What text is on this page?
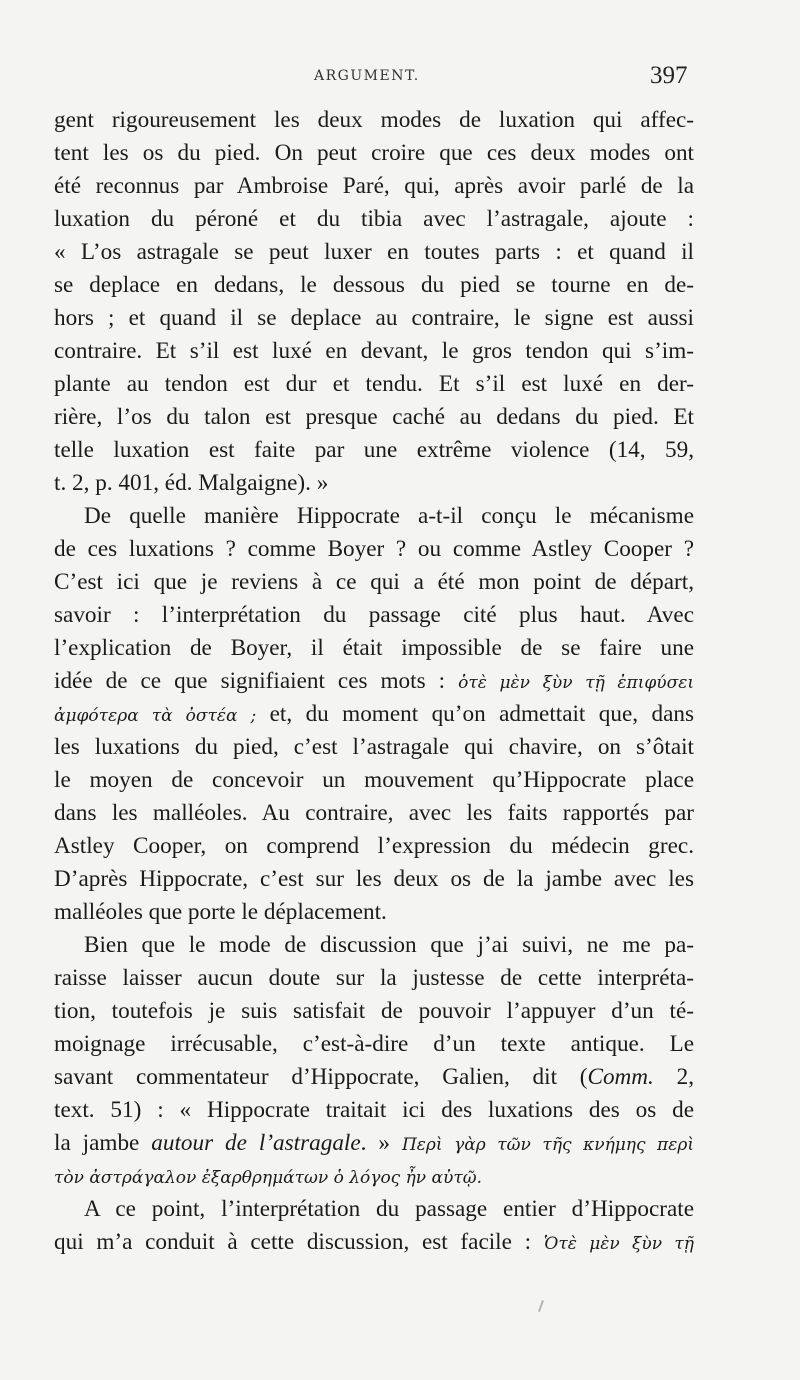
ARGUMENT.	397
gent rigoureusement les deux modes de luxation qui affec-
tent les os du pied. On peut croire que ces deux modes ont
été reconnus par Ambroise Paré, qui, après avoir parlé de la
luxation du péroné et du tibia avec l’astragale, ajoute :
« L’os astragale se peut luxer en toutes parts : et quand il
se deplace en dedans, le dessous du pied se tourne en de-
hors ; et quand il se deplace au contraire, le signe est aussi
contraire. Et s’il est luxé en devant, le gros tendon qui s’im-
plante au tendon est dur et tendu. Et s’il est luxé en der-
rière, l’os du talon est presque caché au dedans du pied. Et
telle luxation est faite par une extrême violence (14, 59,
t. 2, p. 401, éd. Malgaigne). »
De quelle manière Hippocrate a-t-il conçu le mécanisme
de ces luxations ? comme Boyer ? ou comme Astley Cooper ?
C’est ici que je reviens à ce qui a été mon point de départ,
savoir : l’interprétation du passage cité plus haut. Avec
l’explication de Boyer, il était impossible de se faire une
idée de ce que signifiaient ces mots : ὁτὲ μὲν ξὺν τῇ ἐπιφύσει
ἀμφότερα τὰ ὀστέα ; et, du moment qu’on admettait que, dans
les luxations du pied, c’est l’astragale qui chavire, on s’ôtait
le moyen de concevoir un mouvement qu’Hippocrate place
dans les malléoles. Au contraire, avec les faits rapportés par
Astley Cooper, on comprend l’expression du médecin grec.
D’après Hippocrate, c’est sur les deux os de la jambe avec les
malléoles que porte le déplacement.
Bien que le mode de discussion que j’ai suivi, ne me pa-
raisse laisser aucun doute sur la justesse de cette interpréta-
tion, toutefois je suis satisfait de pouvoir l’appuyer d’un té-
moignage irrécusable, c’est-à-dire d’un texte antique. Le
savant commentateur d’Hippocrate, Galien, dit (Comm. 2,
text. 51) : « Hippocrate traitait ici des luxations des os de
la jambe autour de l’astragale. » Περὶ γὰρ τῶν τῆς κνήμης περὶ
τὸν ἀστράγαλον ἐξαρθρημάτων ὁ λόγος ἦν αὐτῷ.
A ce point, l’interprétation du passage entier d’Hippocrate
qui m’a conduit à cette discussion, est facile : Ὁτὲ μὲν ξὺν τῇ
